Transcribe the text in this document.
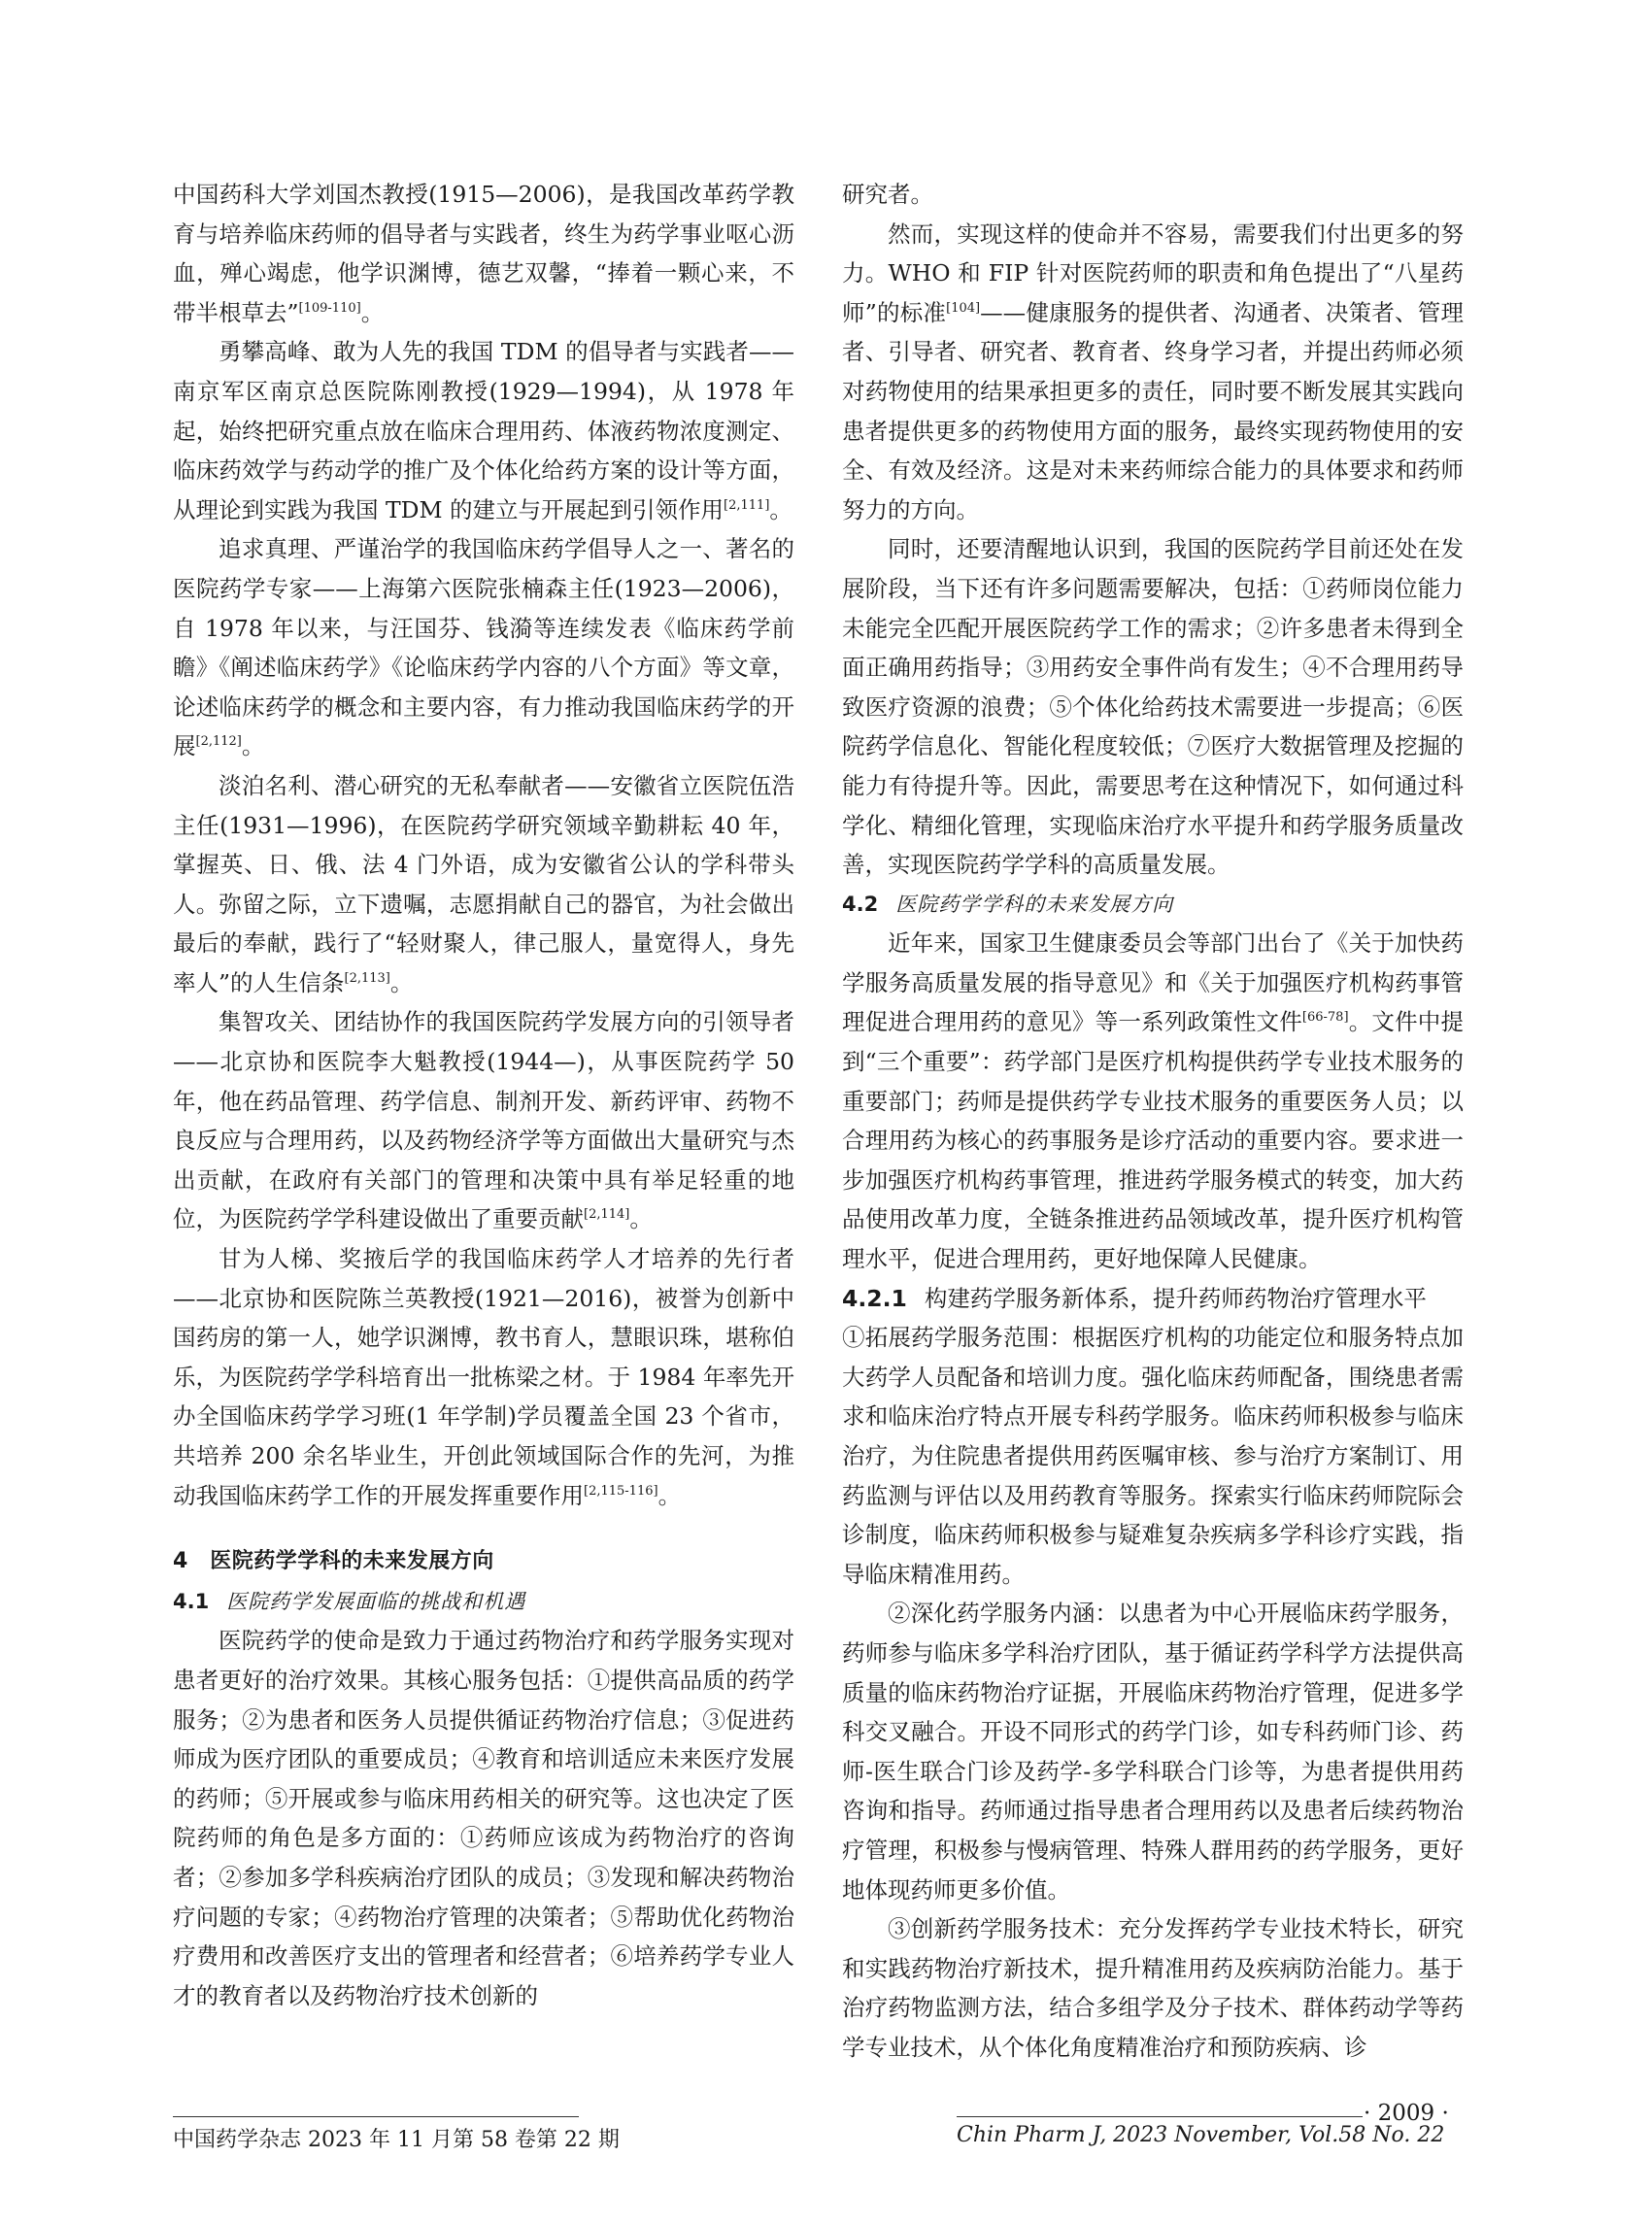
中国药科大学刘国杰教授(1915—2006)，是我国改革药学教育与培养临床药师的倡导者与实践者，终生为药学事业呕心沥血，殚心竭虑，他学识渊博，德艺双馨，“捧着一颗心来，不带半根草去”[109-110]。

勇攀高峰、敢为人先的我国 TDM 的倡导者与实践者——南京军区南京总医院陈刚教授(1929—1994)，从 1978 年起，始终把研究重点放在临床合理用药、体液药物浓度测定、临床药效学与药动学的推广及个体化给药方案的设计等方面，从理论到实践为我国 TDM 的建立与开展起到引领作用[2,111]。

追求真理、严谨治学的我国临床药学倡导人之一、著名的医院药学专家——上海第六医院张楠森主任(1923—2006)，自 1978 年以来，与汪国芬、钱漪等连续发表《临床药学前瞻》《阐述临床药学》《论临床药学内容的八个方面》等文章，论述临床药学的概念和主要内容，有力推动我国临床药学的开展[2,112]。

淡泊名利、潜心研究的无私奉献者——安徽省立医院伍浩主任(1931—1996)，在医院药学研究领域辛勤耕耘 40 年，掌握英、日、俄、法 4 门外语，成为安徽省公认的学科带头人。弥留之际，立下遗嘱，志愿捐献自己的器官，为社会做出最后的奉献，践行了“轻财聚人，律己服人，量宽得人，身先率人”的人生信条[2,113]。

集智攻关、团结协作的我国医院药学发展方向的引领导者——北京协和医院李大魁教授(1944—)，从事医院药学 50 年，他在药品管理、药学信息、制剂开发、新药评审、药物不良反应与合理用药，以及药物经济学等方面做出大量研究与杰出贡献，在政府有关部门的管理和决策中具有举足轻重的地位，为医院药学学科建设做出了重要贡献[2,114]。

甘为人梯、奖掖后学的我国临床药学人才培养的先行者——北京协和医院陈兰英教授(1921—2016)，被誉为创新中国药房的第一人，她学识渊博，教书育人，慧眼识珠，堪称伯乐，为医院药学学科培育出一批栋梁之材。于 1984 年率先开办全国临床药学学习班(1 年学制)学员覆盖全国 23 个省市，共培养 200 余名毕业生，开创此领域国际合作的先河，为推动我国临床药学工作的开展发挥重要作用[2,115-116]。

4　医院药学学科的未来发展方向
4.1 医院药学发展面临的挑战和机遇

医院药学的使命是致力于通过药物治疗和药学服务实现对患者更好的治疗效果。其核心服务包括：①提供高品质的药学服务；②为患者和医务人员提供循证药物治疗信息；③促进药师成为医疗团队的重要成员；④教育和培训适应未来医疗发展的药师；⑤开展或参与临床用药相关的研究等。这也决定了医院药师的角色是多方面的：①药师应该成为药物治疗的咨询者；②参加多学科疾病治疗团队的成员；③发现和解决药物治疗问题的专家；④药物治疗管理的决策者；⑤帮助优化药物治疗费用和改善医疗支出的管理者和经营者；⑥培养药学专业人才的教育者以及药物治疗技术创新的

研究者。

然而，实现这样的使命并不容易，需要我们付出更多的努力。WHO 和 FIP 针对医院药师的职责和角色提出了“八星药师”的标准[104]——健康服务的提供者、沟通者、决策者、管理者、引导者、研究者、教育者、终身学习者，并提出药师必须对药物使用的结果承担更多的责任，同时要不断发展其实践向患者提供更多的药物使用方面的服务，最终实现药物使用的安全、有效及经济。这是对未来药师综合能力的具体要求和药师努力的方向。

同时，还要清醒地认识到，我国的医院药学目前还处在发展阶段，当下还有许多问题需要解决，包括：①药师岗位能力未能完全匹配开展医院药学工作的需求；②许多患者未得到全面正确用药指导；③用药安全事件尚有发生；④不合理用药导致医疗资源的浪费；⑤个体化给药技术需要进一步提高；⑥医院药学信息化、智能化程度较低；⑦医疗大数据管理及挖掘的能力有待提升等。因此，需要思考在这种情况下，如何通过科学化、精细化管理，实现临床治疗水平提升和药学服务质量改善，实现医院药学学科的高质量发展。

4.2 医院药学学科的未来发展方向

近年来，国家卫生健康委员会等部门出台了《关于加快药学服务高质量发展的指导意见》和《关于加强医疗机构药事管理促进合理用药的意见》等一系列政策性文件[66-78]。文件中提到“三个重要”：药学部门是医疗机构提供药学专业技术服务的重要部门；药师是提供药学专业技术服务的重要医务人员；以合理用药为核心的药事服务是诊疗活动的重要内容。要求进一步加强医疗机构药事管理，推进药学服务模式的转变，加大药品使用改革力度，全链条推进药品领域改革，提升医疗机构管理水平，促进合理用药，更好地保障人民健康。

4.2.1 构建药学服务新体系，提升药师药物治疗管理水平

①拓展药学服务范围：根据医疗机构的功能定位和服务特点加大药学人员配备和培训力度。强化临床药师配备，围绕患者需求和临床治疗特点开展专科药学服务。临床药师积极参与临床治疗，为住院患者提供用药医嘱审核、参与治疗方案制订、用药监测与评估以及用药教育等服务。探索实行临床药师院际会诊制度，临床药师积极参与疑难复杂疾病多学科诊疗实践，指导临床精准用药。

②深化药学服务内涵：以患者为中心开展临床药学服务，药师参与临床多学科治疗团队，基于循证药学科学方法提供高质量的临床药物治疗证据，开展临床药物治疗管理，促进多学科交叉融合。开设不同形式的药学门诊，如专科药师门诊、药师-医生联合门诊及药学-多学科联合门诊等，为患者提供用药咨询和指导。药师通过指导患者合理用药以及患者后续药物治疗管理，积极参与慢病管理、特殊人群用药的药学服务，更好地体现药师更多价值。

③创新药学服务技术：充分发挥药学专业技术特长，研究和实践药物治疗新技术，提升精准用药及疾病防治能力。基于治疗药物监测方法，结合多组学及分子技术、群体药动学等药学专业技术，从个体化角度精准治疗和预防疾病、诊

中国药学杂志 2023 年 11 月第 58 卷第 22 期	Chin Pharm J, 2023 November, Vol.58 No. 22
· 2009 ·
